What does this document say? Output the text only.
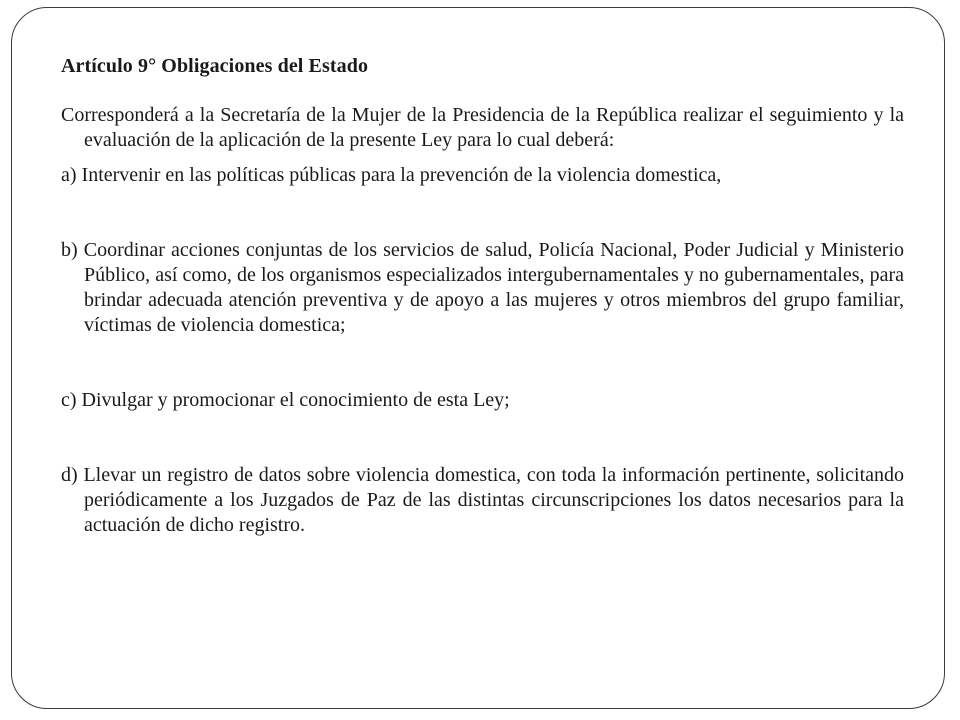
Artículo 9° Obligaciones del Estado

Corresponderá a la Secretaría de la Mujer de la Presidencia de la República realizar el seguimiento y la evaluación de la aplicación de la presente Ley para lo cual deberá:

a) Intervenir en las políticas públicas para la prevención de la violencia domestica,

b) Coordinar acciones conjuntas de los servicios de salud, Policía Nacional, Poder Judicial y Ministerio Público, así como, de los organismos especializados intergubernamentales y no gubernamentales, para brindar adecuada atención preventiva y de apoyo a las mujeres y otros miembros del grupo familiar, víctimas de violencia domestica;

c) Divulgar y promocionar el conocimiento de esta Ley;

d) Llevar un registro de datos sobre violencia domestica, con toda la información pertinente, solicitando periódicamente a los Juzgados de Paz de las distintas circunscripciones los datos necesarios para la actuación de dicho registro.
